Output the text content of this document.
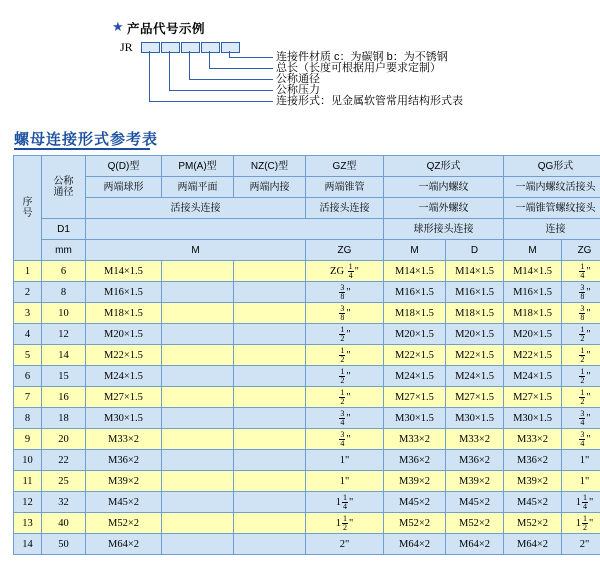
★ 产品代号示例
JR
连接件材质 c：为碳钢 b：为不锈钢
总长（长度可根据用户要求定制）
公称通径
公称压力
连接形式：见金属软管常用结构形式表
螺母连接形式参考表
序
号

公称
通径
	Q(D)型	PM(A)型	NZ(C)型	GZ型	QZ形式	QG形式
		两端球形	两端平面	两端内接	两端锥管	一端内螺纹		一端内螺纹活接头	
		活接头连接			活接头连接	一端外螺纹		一端锥管螺纹接头	
	D1					球形接头连接		连接	
	mm	M			ZG	M	D	M	ZG
1	6	M14×1.5			ZG $\frac{1}{4}$ "	M14×1.5	M14×1.5	M14×1.5	$\frac{1}{4}$ "
2	8	M16×1.5			$\frac{3}{8}$ "	M16×1.5	M16×1.5	M16×1.5	$\frac{3}{8}$ "
3	10	M18×1.5			$\frac{3}{8}$ "	M18×1.5	M18×1.5	M18×1.5	$\frac{3}{8}$ "
4	12	M20×1.5			$\frac{1}{2}$ "	M20×1.5	M20×1.5	M20×1.5	$\frac{1}{2}$ "
5	14	M22×1.5			$\frac{1}{2}$ "	M22×1.5	M22×1.5	M22×1.5	$\frac{1}{2}$ "
6	15	M24×1.5			$\frac{1}{2}$ "	M24×1.5	M24×1.5	M24×1.5	$\frac{1}{2}$ "
7	16	M27×1.5			$\frac{1}{2}$ "	M27×1.5	M27×1.5	M27×1.5	$\frac{1}{2}$ "
8	18	M30×1.5			$\frac{3}{4}$ "	M30×1.5	M30×1.5	M30×1.5	$\frac{3}{4}$ "
9	20	M33×2			$\frac{3}{4}$ "	M33×2	M33×2	M33×2	$\frac{3}{4}$ "
10	22	M36×2			1"	M36×2	M36×2	M36×2	1"
11	25	M39×2			1"	M39×2	M39×2	M39×2	1"
12	32	M45×2			$1 \frac{1}{4}$ "	M45×2	M45×2	M45×2	$1 \frac{1}{4}$ "
13	40	M52×2			$1 \frac{1}{2}$ "	M52×2	M52×2	M52×2	$1 \frac{1}{2}$ "
14	50	M64×2			2"	M64×2	M64×2	M64×2	2"
